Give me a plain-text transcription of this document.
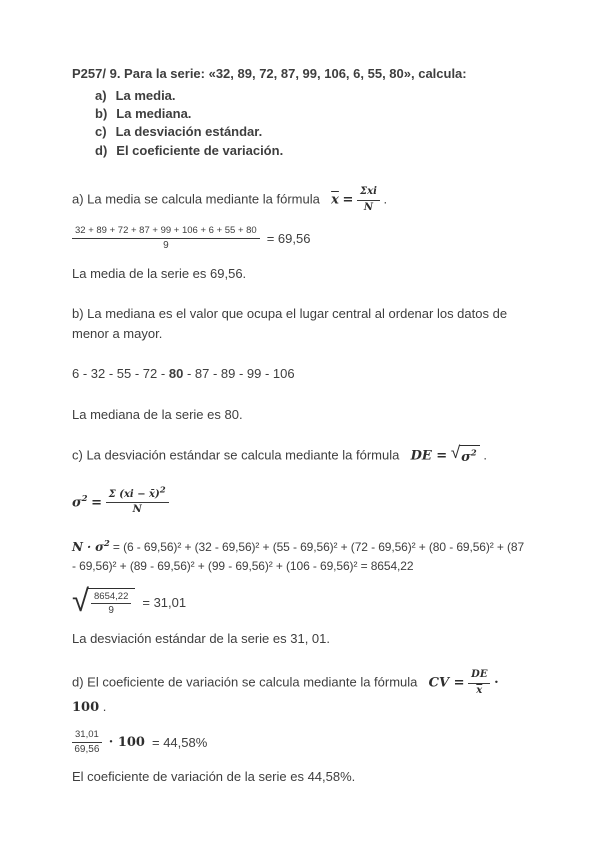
P257/ 9. Para la serie: «32, 89, 72, 87, 99, 106, 6, 55, 80», calcula:

a) La media.
b) La mediana.
c) La desviación estándar.
d) El coeficiente de variación.

a) La media se calcula mediante la fórmula $\overline{x} = \frac{\text{Σxi}}{N}$ .

$\frac{32 + 89 + 72 + 87 + 99 + 106 + 6 + 55 + 80}{9} = 69,56$

La media de la serie es 69,56.

b) La mediana es el valor que ocupa el lugar central al ordenar los datos de menor a mayor.

6 - 32 - 55 - 72 - 80 - 87 - 89 - 99 - 106

La mediana de la serie es 80.

c) La desviación estándar se calcula mediante la fórmula DE = √ $\sigma^2$ .

$\sigma^2 = \frac{\Sigma (xi - x̄)^2}{N}$

$N \cdot \sigma^2 = (6 - 69,56)^2 + (32 - 69,56)^2 + (55 - 69,56)^2 + (72 - 69,56)^2 + (80 - 69,56)^2 + (87 - 69,56)^2 + (89 - 69,56)^2 + (99 - 69,56)^2 + (106 - 69,56)^2 = 8654,22$

√ $\frac{8654,22}{9} = 31,01$

La desviación estándar de la serie es 31, 01.

d) El coeficiente de variación se calcula mediante la fórmula CV = $\frac{DE}{x} \cdot 100$ .

$\frac{31,01}{69,56} \cdot 100 = 44,58\%$

El coeficiente de variación de la serie es 44,58%.
